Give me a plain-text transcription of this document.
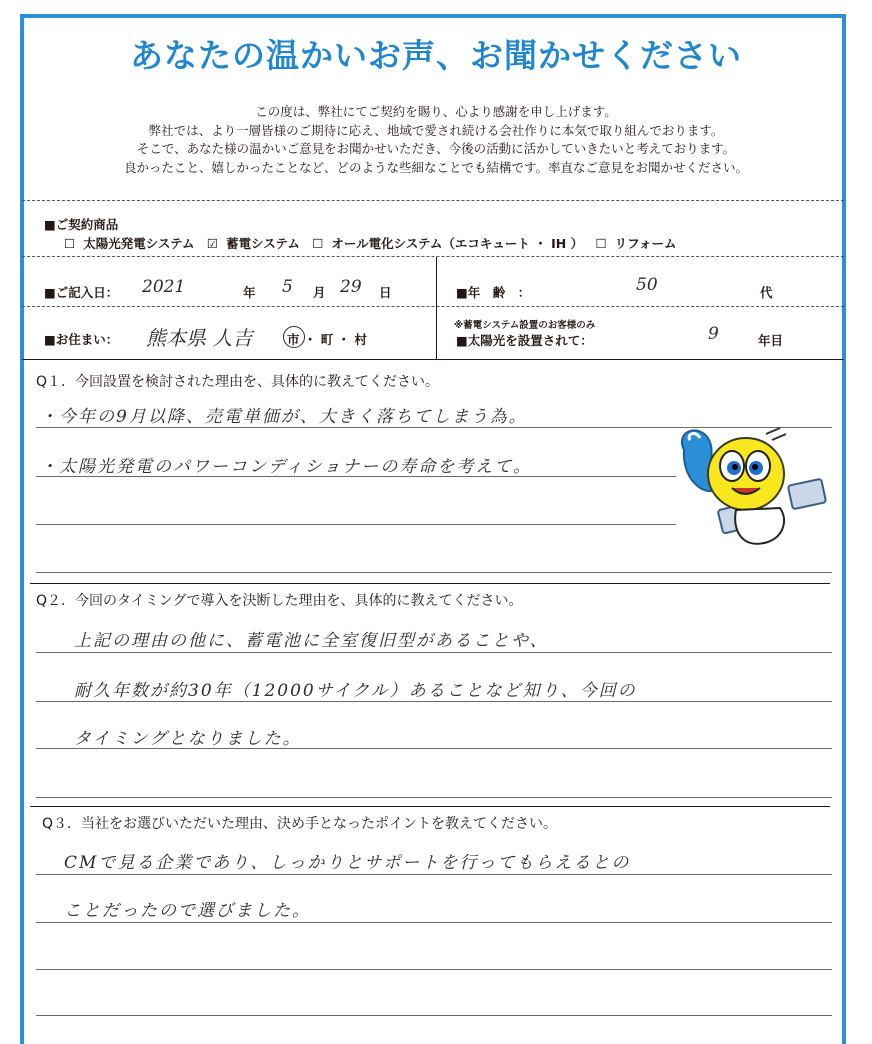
あなたの温かいお声、お聞かせください
この度は、弊社にてご契約を賜り、心より感謝を申し上げます。
弊社では、より一層皆様のご期待に応え、地域で愛され続ける会社作りに本気で取り組んでおります。
そこで、あなた様の温かいご意見をお聞かせいただき、今後の活動に活かしていきたいと考えております。
良かったこと、嬉しかったことなど、どのような些細なことでも結構です。率直なご意見をお聞かせください。
■ご契約商品
☐ 太陽光発電システム ☑ 蓄電システム ☐ オール電化システム（エコキュート ・ IH ） ☐ リフォーム
■ご記入日： 2021	年 5 月 29 日	■年　齢　：	50	代
■お住まい： 熊本県 人吉	市 ・ 町 ・ 村
※蓄電システム設置のお客様のみ
■太陽光を設置されて：	9	年目
Q１．今回設置を検討された理由を、具体的に教えてください。
・今年の9月以降、売電単価が、大きく落ちてしまう為。
・太陽光発電のパワーコンディショナーの寿命を考えて。
Q２．今回のタイミングで導入を決断した理由を、具体的に教えてください。
上記の理由の他に、蓄電池に全室復旧型があることや、
耐久年数が約30年（12000サイクル）あることなど知り、今回の
タイミングとなりました。
Q３．当社をお選びいただいた理由、決め手となったポイントを教えてください。
CMで見る企業であり、しっかりとサポートを行ってもらえるとの
ことだったので選びました。
